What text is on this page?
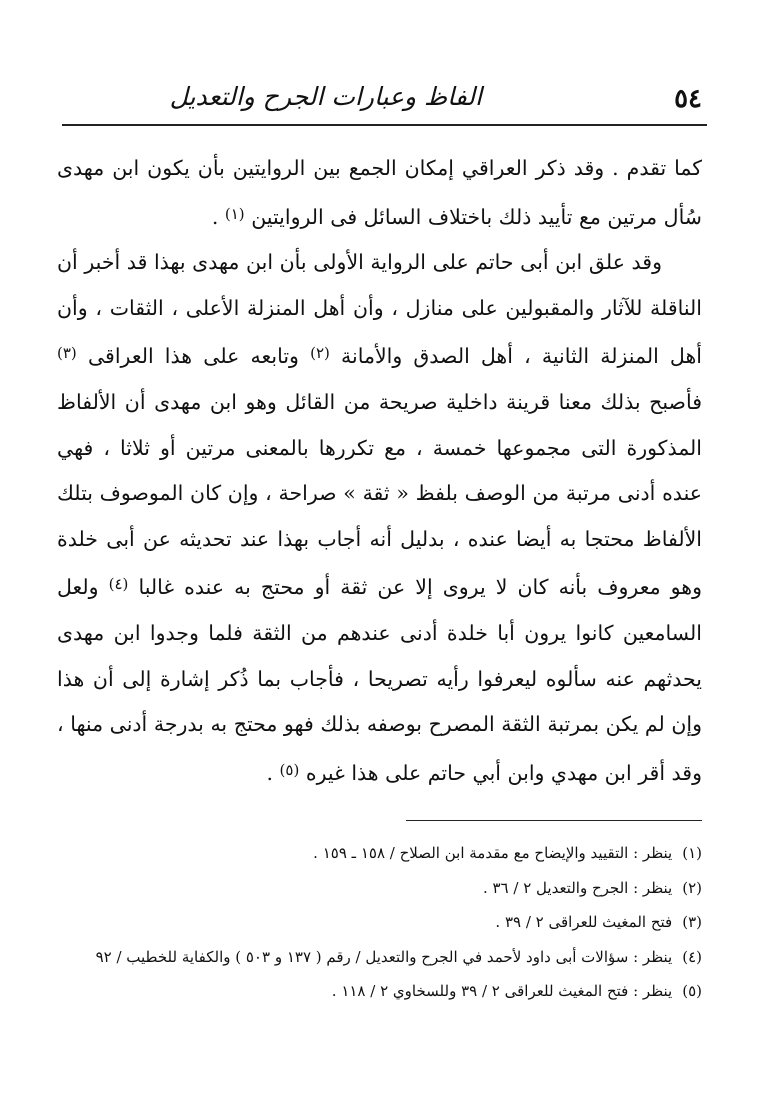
٥٤
الفاظ وعبارات الجرح والتعديل

كما تقدم . وقد ذكر العراقي إمكان الجمع بين الروايتين بأن يكون ابن مهدى سُأل مرتين مع تأييد ذلك باختلاف السائل فى الروايتين $^{(١)}$ .

وقد علق ابن أبى حاتم على الرواية الأولى بأن ابن مهدى بهذا قد أخبر أن الناقلة للآثار والمقبولين على منازل ، وأن أهل المنزلة الأعلى ، الثقات ، وأن أهل المنزلة الثانية ، أهل الصدق والأمانة $^{(٢)}$ وتابعه على هذا العراقى $^{(٣)}$ فأصبح بذلك معنا قرينة داخلية صريحة من القائل وهو ابن مهدى أن الألفاظ المذكورة التى مجموعها خمسة ، مع تكررها بالمعنى مرتين أو ثلاثا ، فهي عنده أدنى مرتبة من الوصف بلفظ « ثقة » صراحة ، وإن كان الموصوف بتلك الألفاظ محتجا به أيضا عنده ، بدليل أنه أجاب بهذا عند تحديثه عن أبى خلدة وهو معروف بأنه كان لا يروى إلا عن ثقة أو محتج به عنده غالبا $^{(٤)}$ ولعل السامعين كانوا يرون أبا خلدة أدنى عندهم من الثقة فلما وجدوا ابن مهدى يحدثهم عنه سألوه ليعرفوا رأيه تصريحا ، فأجاب بما ذُكر إشارة إلى أن هذا وإن لم يكن بمرتبة الثقة المصرح بوصفه بذلك فهو محتج به بدرجة أدنى منها ، وقد أقر ابن مهدي وابن أبي حاتم على هذا غيره $^{(٥)}$ .

(١)ينظر : التقييد والإيضاح مع مقدمة ابن الصلاح / ١٥٨ ـ ١٥٩ .

(٢)ينظر : الجرح والتعديل ٢ / ٣٦ .

(٣)فتح المغيث للعراقى ٢ / ٣٩ .

(٤)ينظر : سؤالات أبى داود لأحمد في الجرح والتعديل / رقم ( ١٣٧ و ٥٠٣ ) والكفاية للخطيب / ٩٢

(٥)ينظر : فتح المغيث للعراقى ٢ / ٣٩ وللسخاوي ٢ / ١١٨ .
